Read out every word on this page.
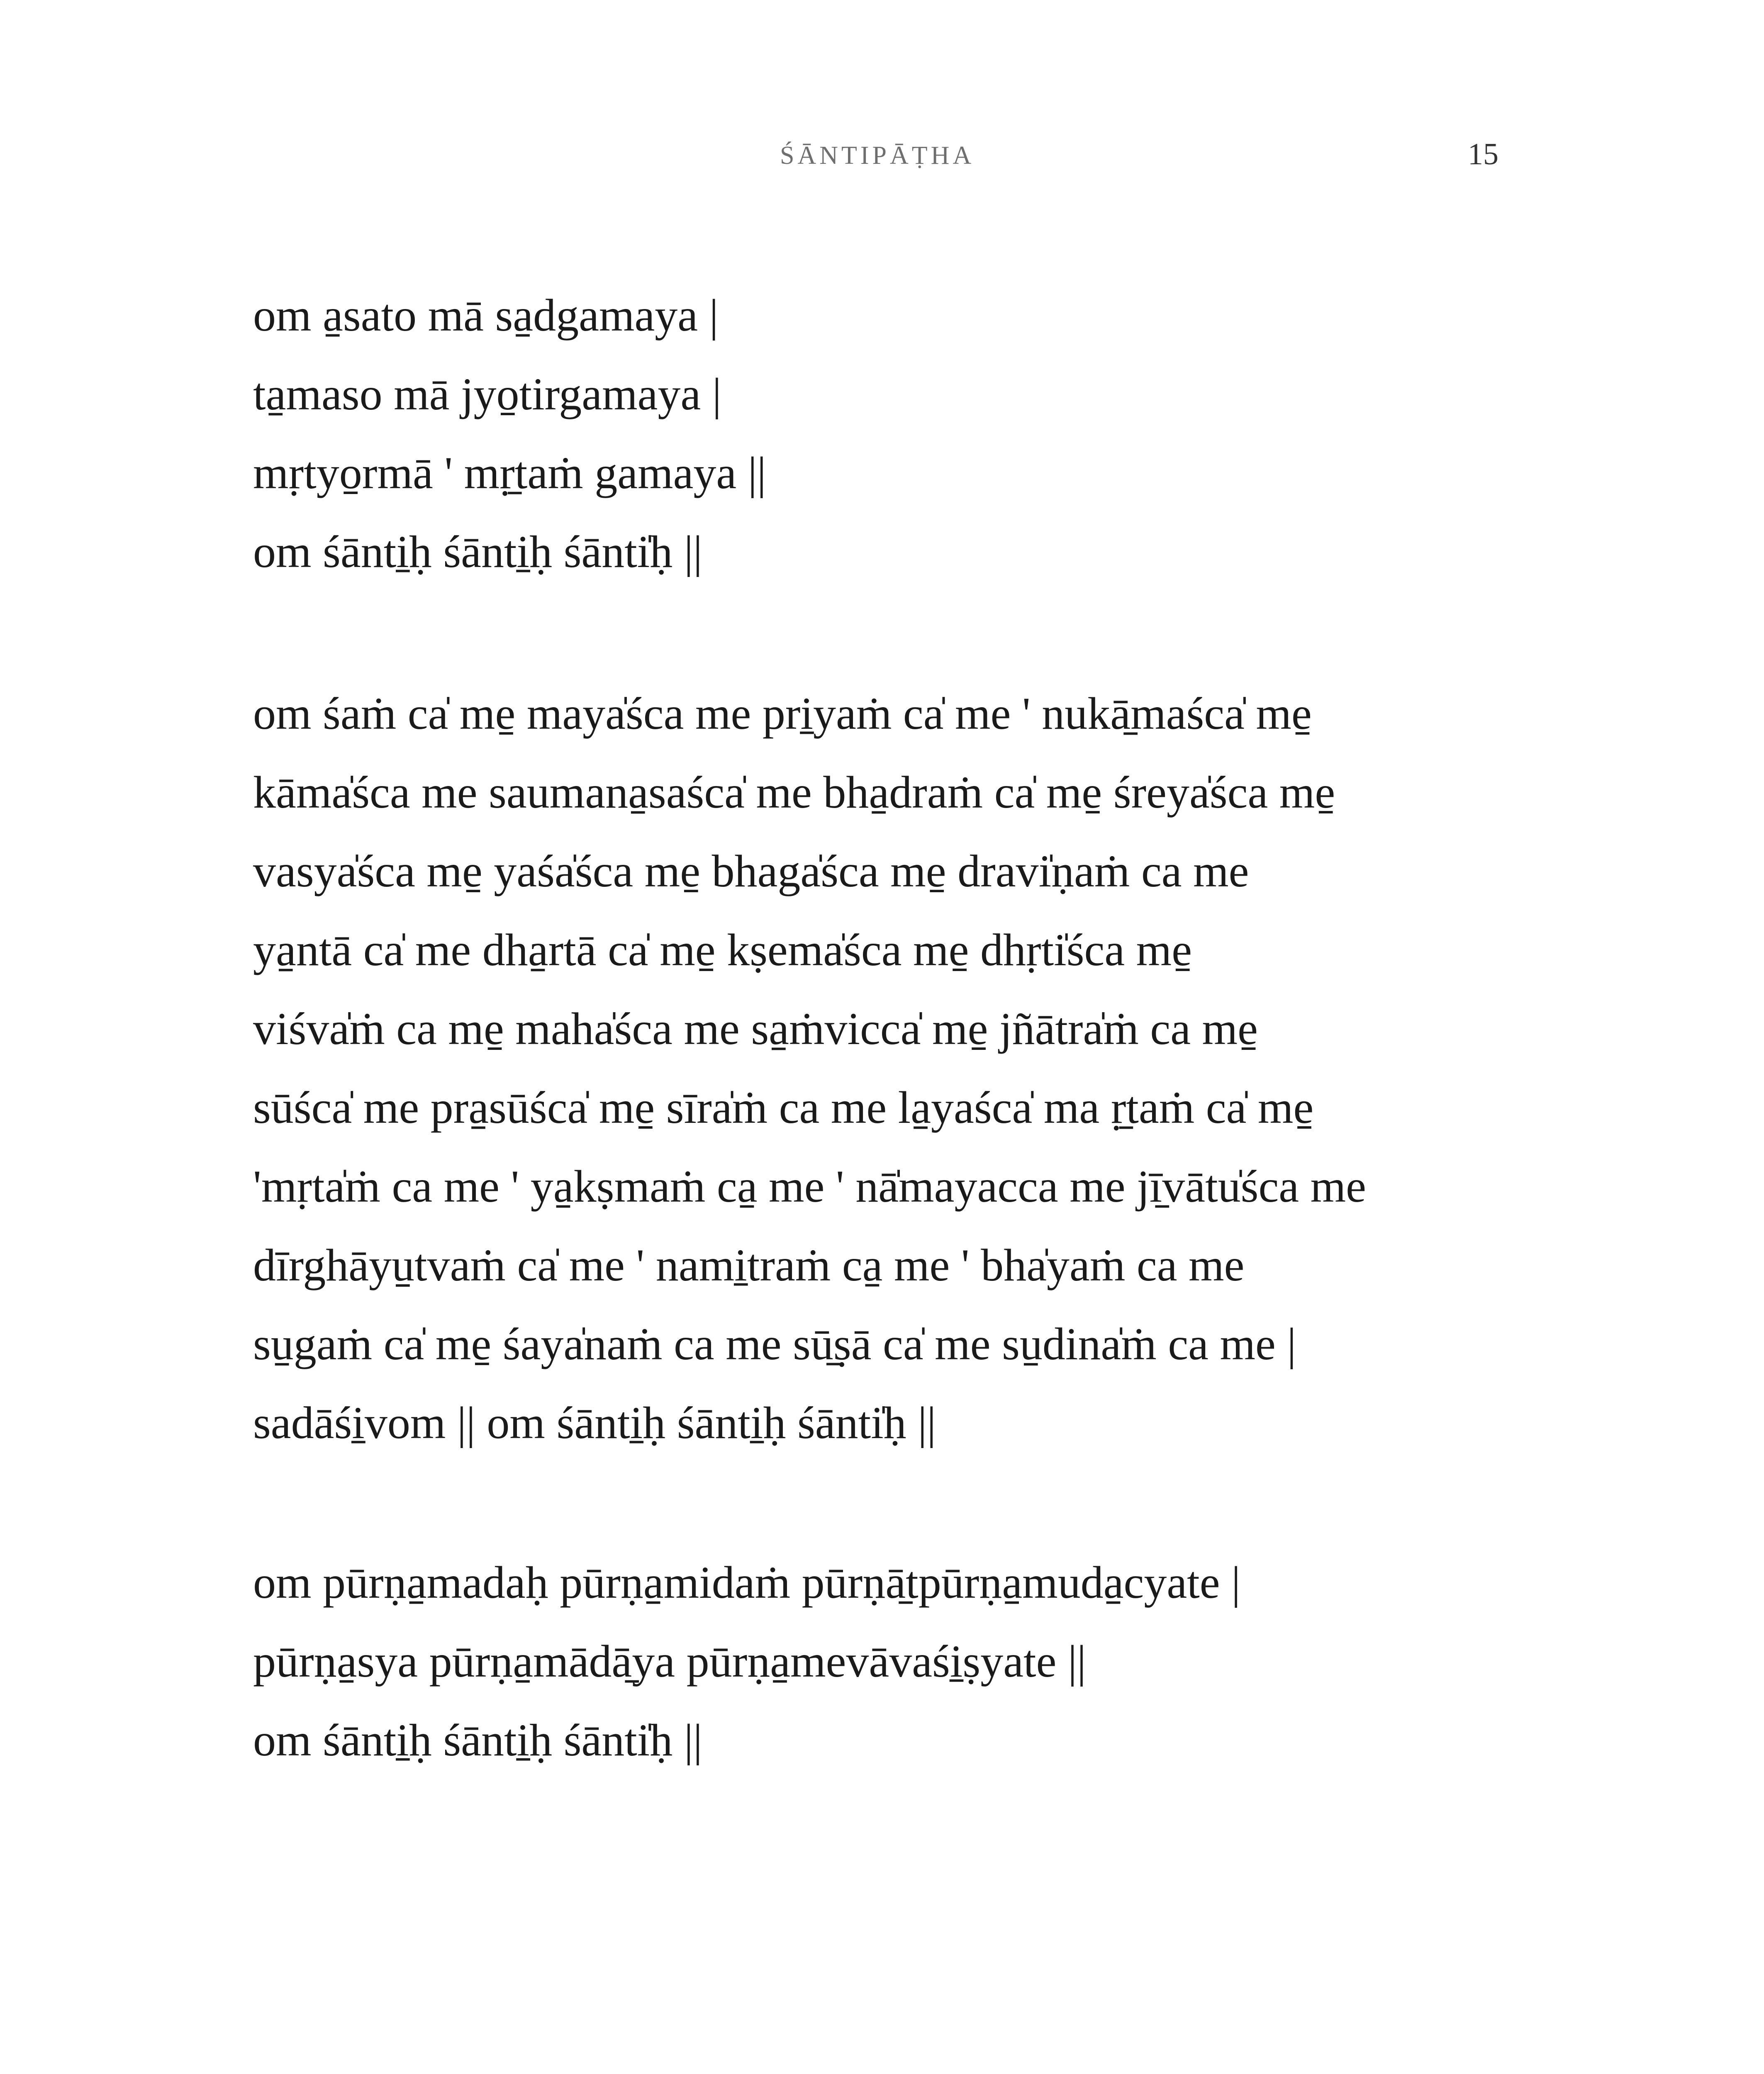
ŚĀNTIPĀṬHA	15
om a̠sato mā sa̠dgamaya |
ta̠maso mā jyo̠tirgamaya |
mṛtyo̠rmā ' mṛ̠taṁ gamaya ||
om śānti̠ḥ śānti̠ḥ śānti̍ḥ ||
om śaṁ ca̍ me̠ maya̍śca me pri̠yaṁ ca̍ me ' nukā̠maśca̍ me̠
kāma̍śca me saumana̠saśca̍ me bha̠draṁ ca̍ me̠ śreya̍śca me̠
vasya̍śca me̠ yaśa̍śca me̠ bhaga̍śca me̠ dravi̍ṇaṁ ca me
ya̠ntā ca̍ me dha̠rtā ca̍ me̠ kṣema̍śca me̠ dhṛti̍śca me̠
viśva̍ṁ ca me̠ maha̍śca me sa̠ṁvicca̍ me̠ jñātra̍ṁ ca me̠
sūśca̍ me pra̠sūśca̍ me̠ sīra̍ṁ ca me la̠yaśca̍ ma ṛ̠taṁ ca̍ me̠
'mṛta̍ṁ ca me ' ya̠kṣmaṁ ca̠ me ' nā̍mayacca me jī̠vātu̍śca me
dīrghāyu̠tvaṁ ca̍ me ' nami̠traṁ ca̠ me ' bha̍yaṁ ca me
su̠gaṁ ca̍ me̠ śaya̍naṁ ca me sū̠ṣā ca̍ me su̠dina̍ṁ ca me |
sadāśi̠vom || om śānti̠ḥ śānti̠ḥ śānti̍ḥ ||
om pūrṇa̠madaḥ pūrṇa̠midaṁ pūrṇā̠tpūrṇa̠muda̠cyate |
pūrṇa̠sya pūrṇa̠mādā̠ya pūrṇa̠mevāvaśi̠ṣyate ||
om śānti̠ḥ śānti̠ḥ śānti̍ḥ ||
